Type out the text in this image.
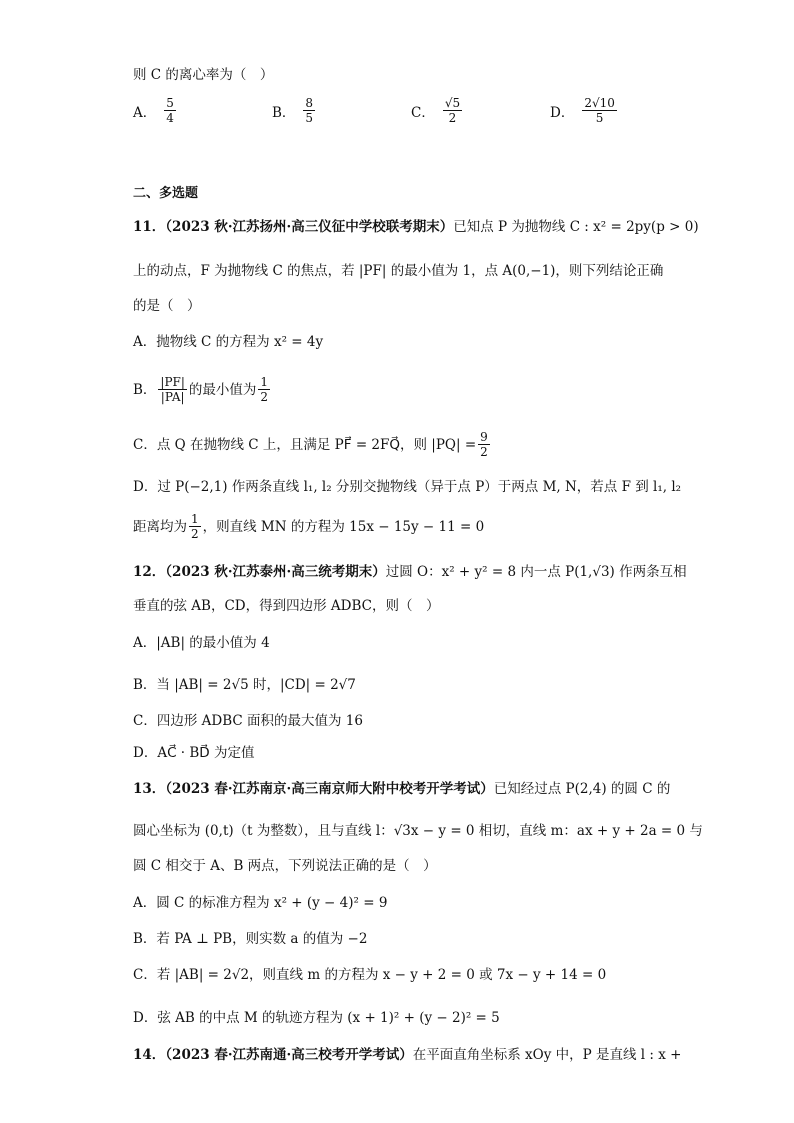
则 C 的离心率为（　）
A． $\frac{5}{4}$	B． $\frac{8}{5}$	C． $\frac{√5}{2}$	D． $\frac{2√10}{5}$
二、多选题
11．（2023 秋·江苏扬州·高三仪征中学校联考期末）已知点 P 为抛物线 C : x² = 2py(p > 0)
上的动点，F 为抛物线 C 的焦点，若 |PF| 的最小值为 1，点 A(0,−1)，则下列结论正确
的是（　）
A．抛物线 C 的方程为 x² = 4y
B． $\frac{|PF|}{|PA|}$ 的最小值为 $\frac{1}{2}$
C．点 Q 在抛物线 C 上，且满足 PF⃗ = 2FQ⃗，则 $|PQ| = \frac{9}{2}$
D．过 P(−2,1) 作两条直线 l₁, l₂ 分别交抛物线（异于点 P）于两点 M, N，若点 F 到 l₁, l₂
距离均为 $\frac{1}{2}$ ，则直线 MN 的方程为 15x − 15y − 11 = 0
12．（2023 秋·江苏泰州·高三统考期末）过圆 O：x² + y² = 8 内一点 P(1,√3) 作两条互相
垂直的弦 AB，CD，得到四边形 ADBC，则（　）
A．|AB| 的最小值为 4
B．当 |AB| = 2√5 时，|CD| = 2√7
C．四边形 ADBC 面积的最大值为 16
D．AC⃗ · BD⃗ 为定值
13．（2023 春·江苏南京·高三南京师大附中校考开学考试）已知经过点 P(2,4) 的圆 C 的
圆心坐标为 (0,t)（t 为整数），且与直线 l：√3x − y = 0 相切，直线 m：ax + y + 2a = 0 与
圆 C 相交于 A、B 两点，下列说法正确的是（　）
A．圆 C 的标准方程为 x² + (y − 4)² = 9
B．若 PA ⊥ PB，则实数 a 的值为 −2
C．若 |AB| = 2√2，则直线 m 的方程为 x − y + 2 = 0 或 7x − y + 14 = 0
D．弦 AB 的中点 M 的轨迹方程为 (x + 1)² + (y − 2)² = 5
14．（2023 春·江苏南通·高三校考开学考试）在平面直角坐标系 xOy 中，P 是直线 l : x +
